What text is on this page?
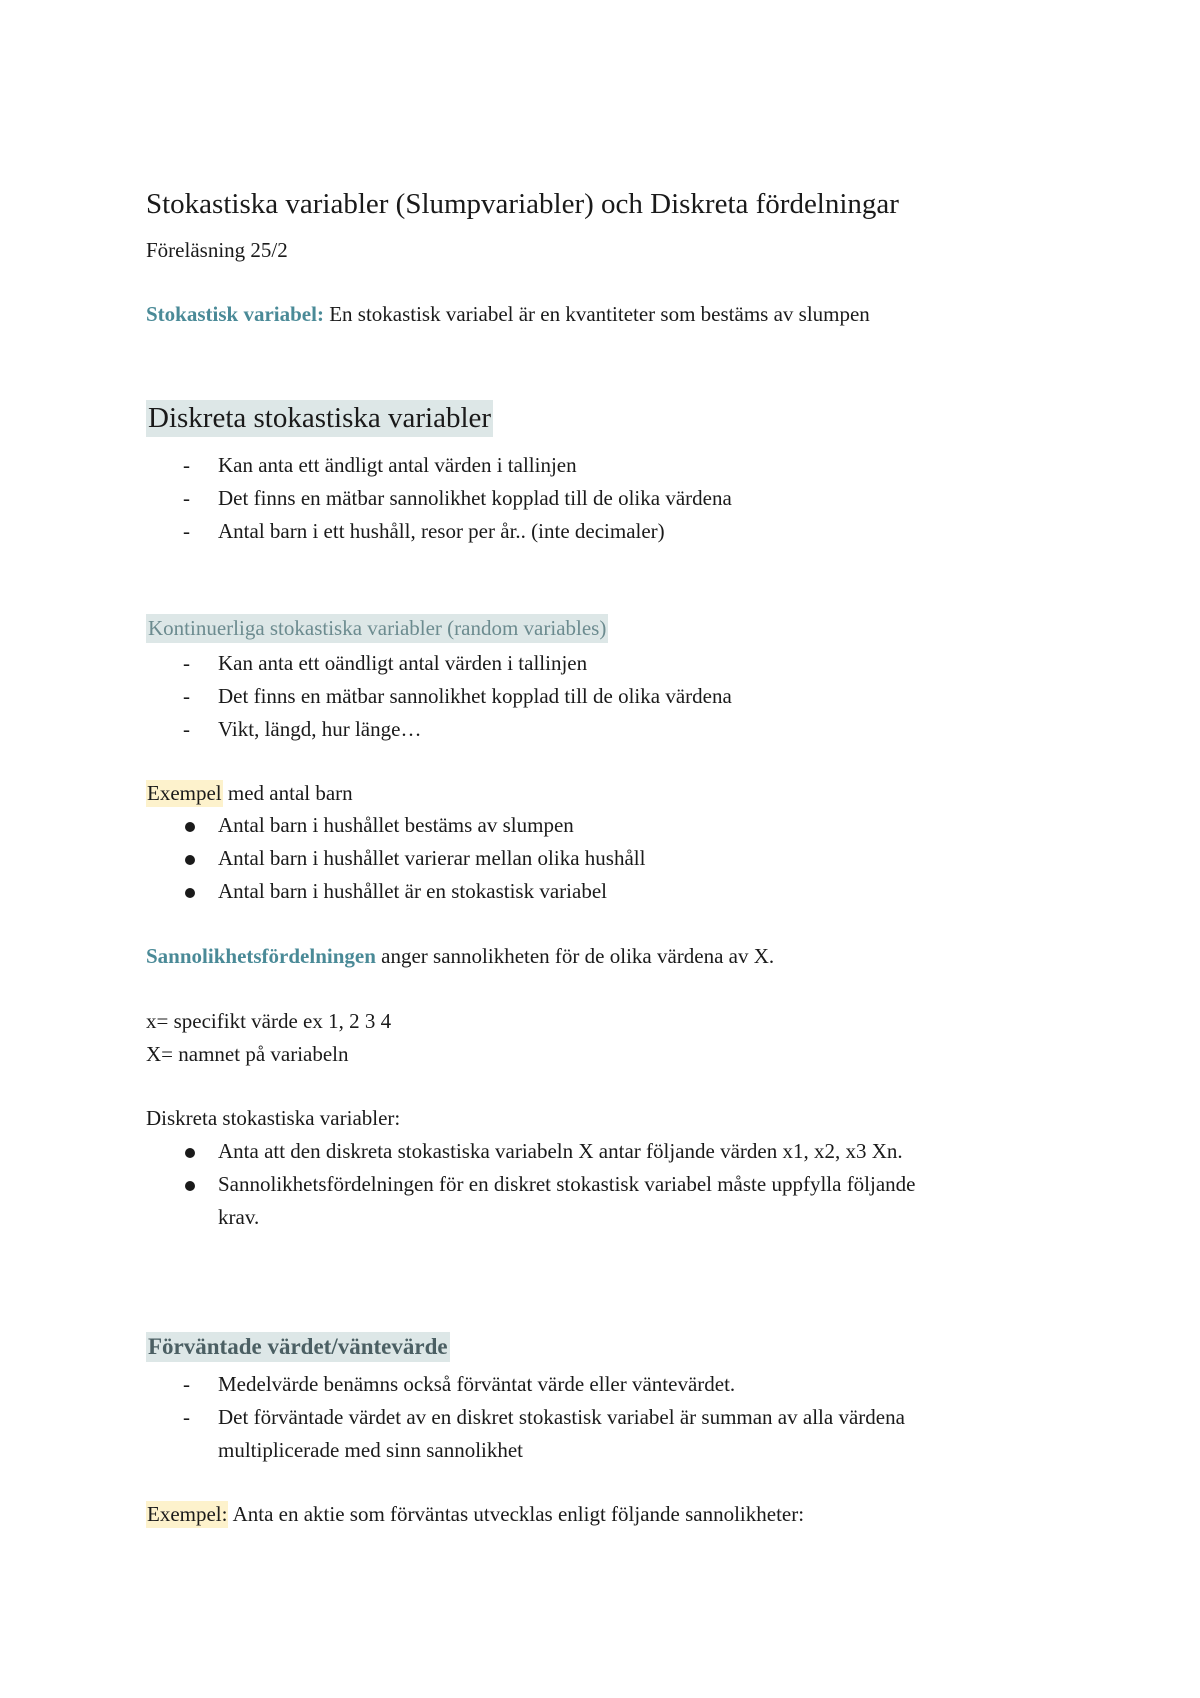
Stokastiska variabler (Slumpvariabler) och Diskreta fördelningar
Föreläsning 25/2
Stokastisk variabel: En stokastisk variabel är en kvantiteter som bestäms av slumpen
Diskreta stokastiska variabler
-	Kan anta ett ändligt antal värden i tallinjen
-	Det finns en mätbar sannolikhet kopplad till de olika värdena
-	Antal barn i ett hushåll, resor per år.. (inte decimaler)
Kontinuerliga stokastiska variabler (random variables)
-	Kan anta ett oändligt antal värden i tallinjen
-	Det finns en mätbar sannolikhet kopplad till de olika värdena
-	Vikt, längd, hur länge…
Exempel med antal barn
Antal barn i hushållet bestäms av slumpen
Antal barn i hushållet varierar mellan olika hushåll
Antal barn i hushållet är en stokastisk variabel
Sannolikhetsfördelningen anger sannolikheten för de olika värdena av X.
x= specifikt värde ex 1, 2 3 4
X= namnet på variabeln
Diskreta stokastiska variabler:
Anta att den diskreta stokastiska variabeln X antar följande värden x1, x2, x3 Xn.
Sannolikhetsfördelningen för en diskret stokastisk variabel måste uppfylla följande
krav.
Förväntade värdet/väntevärde
-	Medelvärde benämns också förväntat värde eller väntevärdet.
-	Det förväntade värdet av en diskret stokastisk variabel är summan av alla värdena
multiplicerade med sinn sannolikhet
Exempel: Anta en aktie som förväntas utvecklas enligt följande sannolikheter:
